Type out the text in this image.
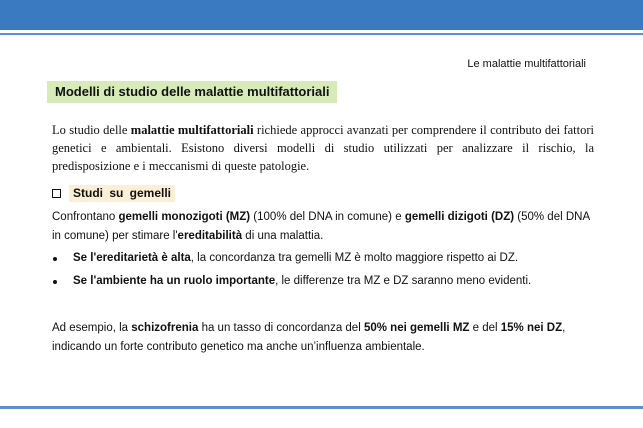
Le malattie multifattoriali
Modelli di studio delle malattie multifattoriali

Lo studio delle malattie multifattoriali richiede approcci avanzati per comprendere il contributo dei fattori genetici e ambientali. Esistono diversi modelli di studio utilizzati per analizzare il rischio, la predisposizione e i meccanismi di queste patologie.

Studi su gemelli

Confrontano gemelli monozigoti (MZ) (100% del DNA in comune) e gemelli dizigoti (DZ) (50% del DNA in comune) per stimare l'ereditabilità di una malattia.

Se l'ereditarietà è alta, la concordanza tra gemelli MZ è molto maggiore rispetto ai DZ.
Se l'ambiente ha un ruolo importante, le differenze tra MZ e DZ saranno meno evidenti.

Ad esempio, la schizofrenia ha un tasso di concordanza del 50% nei gemelli MZ e del 15% nei DZ, indicando un forte contributo genetico ma anche un’influenza ambientale.
